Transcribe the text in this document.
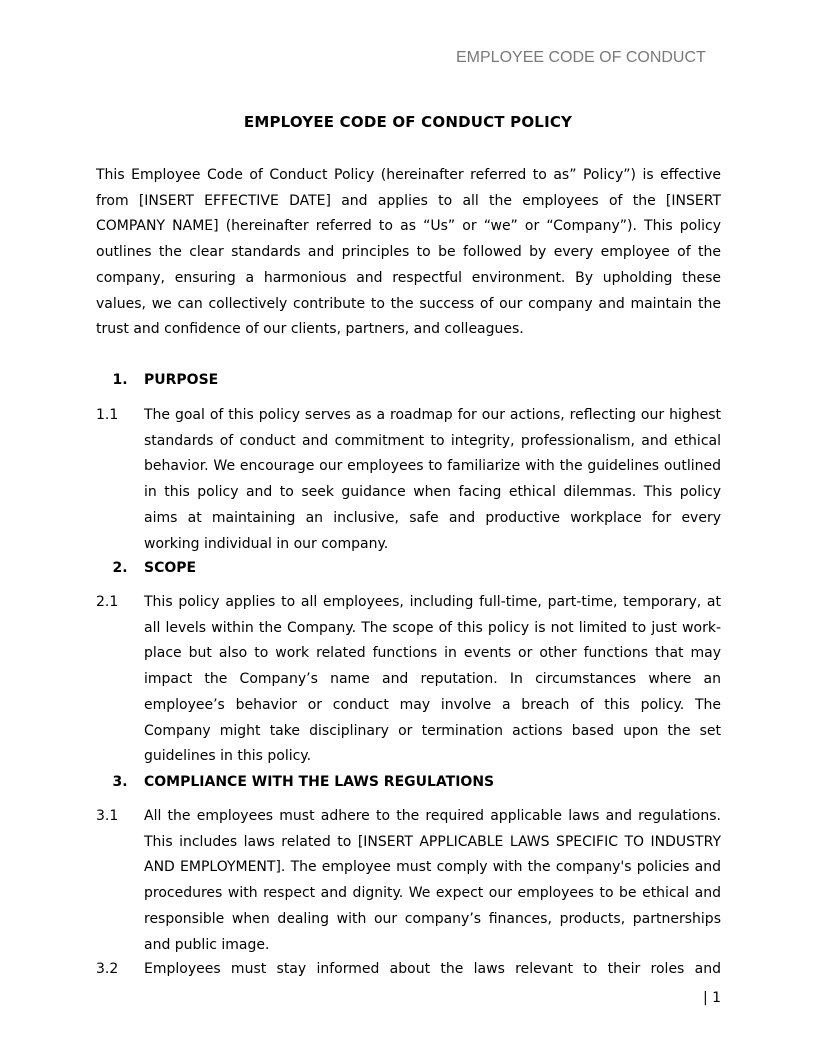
EMPLOYEE CODE OF CONDUCT
EMPLOYEE CODE OF CONDUCT POLICY

This Employee Code of Conduct Policy (hereinafter referred to as” Policy”) is effective from [INSERT EFFECTIVE DATE] and applies to all the employees of the [INSERT COMPANY NAME] (hereinafter referred to as “Us” or “we” or “Company”). This policy outlines the clear standards and principles to be followed by every employee of the company, ensuring a harmonious and respectful environment. By upholding these values, we can collectively contribute to the success of our company and maintain the trust and confidence of our clients, partners, and colleagues.

1. PURPOSE
1.1 The goal of this policy serves as a roadmap for our actions, reflecting our highest standards of conduct and commitment to integrity, professionalism, and ethical behavior. We encourage our employees to familiarize with the guidelines outlined in this policy and to seek guidance when facing ethical dilemmas. This policy aims at maintaining an inclusive, safe and productive workplace for every working individual in our company.

2. SCOPE
2.1 This policy applies to all employees, including full-time, part-time, temporary, at all levels within the Company. The scope of this policy is not limited to just work-place but also to work related functions in events or other functions that may impact the Company’s name and reputation. In circumstances where an employee’s behavior or conduct may involve a breach of this policy. The Company might take disciplinary or termination actions based upon the set guidelines in this policy.

3. COMPLIANCE WITH THE LAWS REGULATIONS
3.1 All the employees must adhere to the required applicable laws and regulations. This includes laws related to [INSERT APPLICABLE LAWS SPECIFIC TO INDUSTRY AND EMPLOYMENT]. The employee must comply with the company's policies and procedures with respect and dignity. We expect our employees to be ethical and responsible when dealing with our company’s finances, products, partnerships and public image.

3.2 Employees must stay informed about the laws relevant to their roles and

| 1
